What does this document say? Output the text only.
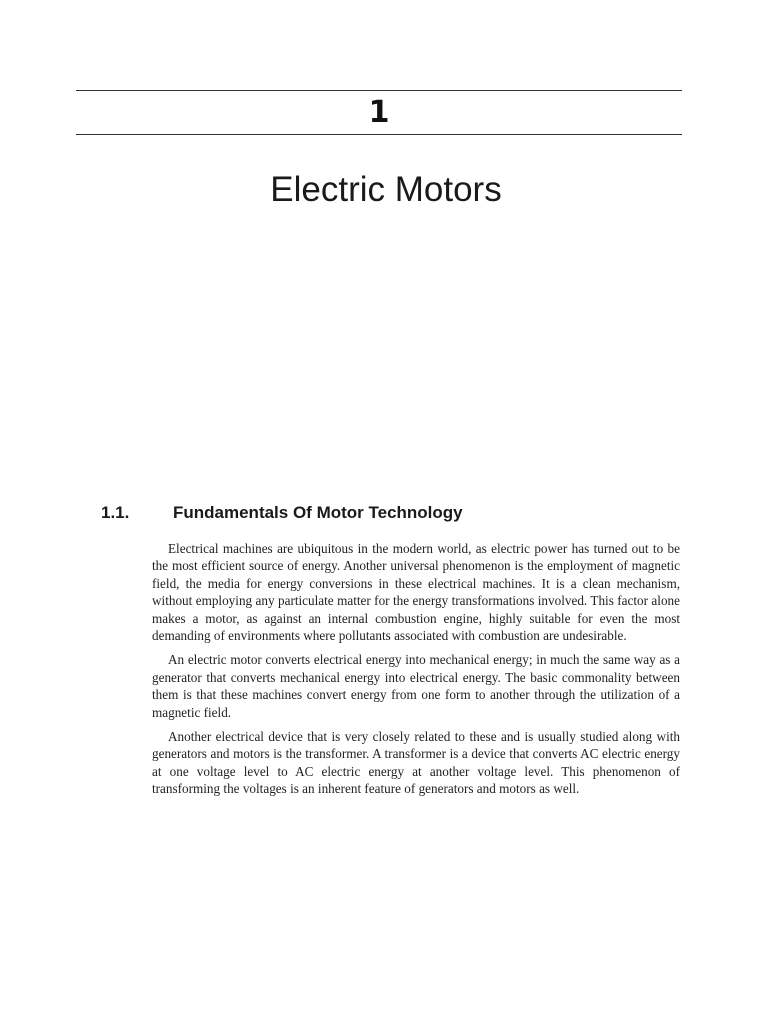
1
Electric Motors
1.1.	Fundamentals Of Motor Technology

Electrical machines are ubiquitous in the modern world, as electric power has turned out to be the most efficient source of energy. Another universal phenomenon is the employment of magnetic field, the media for energy conversions in these electrical machines. It is a clean mechanism, without employing any particulate matter for the energy transformations involved. This factor alone makes a motor, as against an internal combustion engine, highly suitable for even the most demanding of environments where pollutants associated with combustion are undesirable.

An electric motor converts electrical energy into mechanical energy; in much the same way as a generator that converts mechanical energy into electrical energy. The basic commonality between them is that these machines convert energy from one form to another through the utilization of a magnetic field.

Another electrical device that is very closely related to these and is usually studied along with generators and motors is the transformer. A transformer is a device that converts AC electric energy at one voltage level to AC electric energy at another voltage level. This phenomenon of transforming the voltages is an inherent feature of generators and motors as well.
